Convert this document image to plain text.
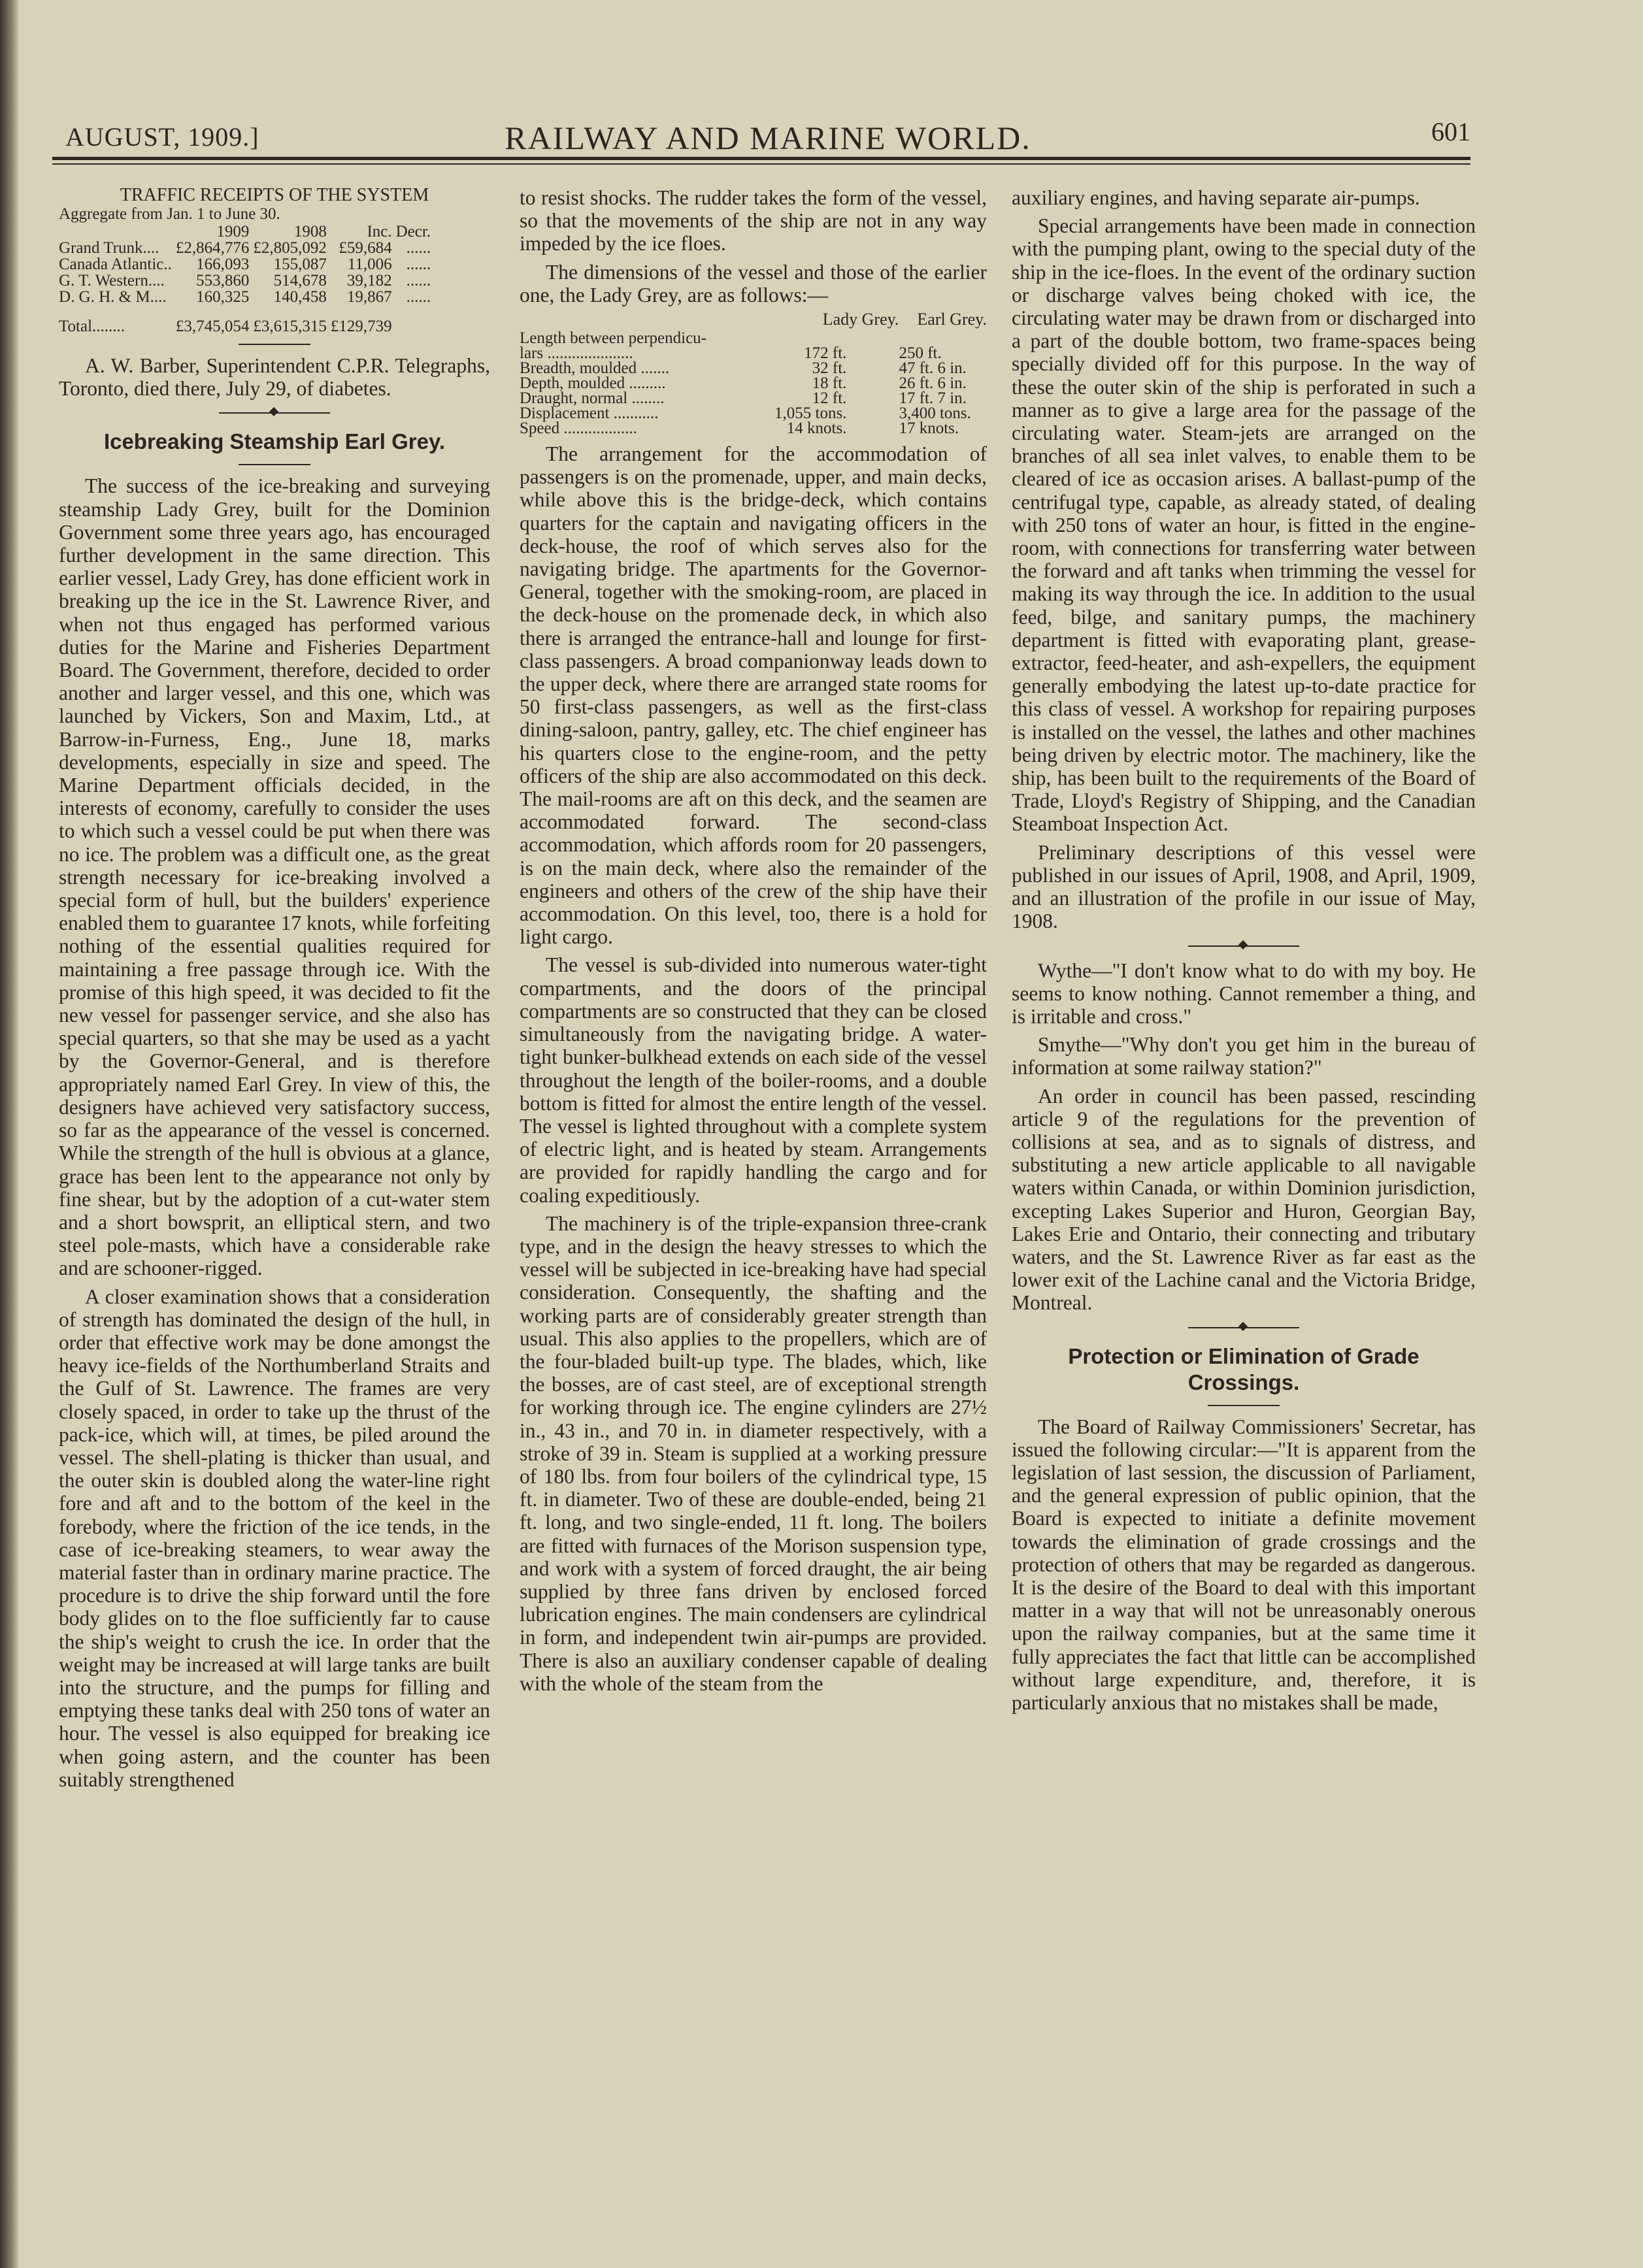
AUGUST, 1909.]	RAILWAY AND MARINE WORLD.	601
TRAFFIC RECEIPTS OF THE SYSTEM
Aggregate from Jan. 1 to June 30.
	1909	1908	Inc.	Decr.
Grand Trunk....	£2,864,776	£2,805,092	£59,684	......
Canada Atlantic..	166,093	155,087	11,006	......
G. T. Western....	553,860	514,678	39,182	......
D. G. H. & M....	160,325	140,458	19,867	......
Total........	£3,745,054	£3,615,315	£129,739	

A. W. Barber, Superintendent C.P.R. Telegraphs, Toronto, died there, July 29, of diabetes.

Icebreaking Steamship Earl Grey.

The success of the ice-breaking and surveying steamship Lady Grey, built for the Dominion Government some three years ago, has encouraged further development in the same direction. This earlier vessel, Lady Grey, has done efficient work in breaking up the ice in the St. Lawrence River, and when not thus engaged has performed various duties for the Marine and Fisheries Department Board. The Government, therefore, decided to order another and larger vessel, and this one, which was launched by Vickers, Son and Maxim, Ltd., at Barrow-in-Furness, Eng., June 18, marks developments, especially in size and speed. The Marine Department officials decided, in the interests of economy, carefully to consider the uses to which such a vessel could be put when there was no ice. The problem was a difficult one, as the great strength necessary for ice-breaking involved a special form of hull, but the builders' experience enabled them to guarantee 17 knots, while forfeiting nothing of the essential qualities required for maintaining a free passage through ice. With the promise of this high speed, it was decided to fit the new vessel for passenger service, and she also has special quarters, so that she may be used as a yacht by the Governor-General, and is therefore appropriately named Earl Grey. In view of this, the designers have achieved very satisfactory success, so far as the appearance of the vessel is concerned. While the strength of the hull is obvious at a glance, grace has been lent to the appearance not only by fine shear, but by the adoption of a cut-water stem and a short bowsprit, an elliptical stern, and two steel pole-masts, which have a considerable rake and are schooner-rigged.

A closer examination shows that a consideration of strength has dominated the design of the hull, in order that effective work may be done amongst the heavy ice-fields of the Northumberland Straits and the Gulf of St. Lawrence. The frames are very closely spaced, in order to take up the thrust of the pack-ice, which will, at times, be piled around the vessel. The shell-plating is thicker than usual, and the outer skin is doubled along the water-line right fore and aft and to the bottom of the keel in the forebody, where the friction of the ice tends, in the case of ice-breaking steamers, to wear away the material faster than in ordinary marine practice. The procedure is to drive the ship forward until the fore body glides on to the floe sufficiently far to cause the ship's weight to crush the ice. In order that the weight may be increased at will large tanks are built into the structure, and the pumps for filling and emptying these tanks deal with 250 tons of water an hour. The vessel is also equipped for breaking ice when going astern, and the counter has been suitably strengthened

to resist shocks. The rudder takes the form of the vessel, so that the movements of the ship are not in any way impeded by the ice floes.

The dimensions of the vessel and those of the earlier one, the Lady Grey, are as follows:—

	Lady Grey.	Earl Grey.
Length between perpendicu-		
lars .....................	172 ft.	250 ft.
Breadth, moulded .......	32 ft.	47 ft. 6 in.
Depth, moulded .........	18 ft.	26 ft. 6 in.
Draught, normal ........	12 ft.	17 ft. 7 in.
Displacement ...........	1,055 tons.	3,400 tons.
Speed ..................	14 knots.	17 knots.

The arrangement for the accommodation of passengers is on the promenade, upper, and main decks, while above this is the bridge-deck, which contains quarters for the captain and navigating officers in the deck-house, the roof of which serves also for the navigating bridge. The apartments for the Governor-General, together with the smoking-room, are placed in the deck-house on the promenade deck, in which also there is arranged the entrance-hall and lounge for first-class passengers. A broad companionway leads down to the upper deck, where there are arranged state rooms for 50 first-class passengers, as well as the first-class dining-saloon, pantry, galley, etc. The chief engineer has his quarters close to the engine-room, and the petty officers of the ship are also accommodated on this deck. The mail-rooms are aft on this deck, and the seamen are accommodated forward. The second-class accommodation, which affords room for 20 passengers, is on the main deck, where also the remainder of the engineers and others of the crew of the ship have their accommodation. On this level, too, there is a hold for light cargo.

The vessel is sub-divided into numerous water-tight compartments, and the doors of the principal compartments are so constructed that they can be closed simultaneously from the navigating bridge. A water-tight bunker-bulkhead extends on each side of the vessel throughout the length of the boiler-rooms, and a double bottom is fitted for almost the entire length of the vessel. The vessel is lighted throughout with a complete system of electric light, and is heated by steam. Arrangements are provided for rapidly handling the cargo and for coaling expeditiously.

The machinery is of the triple-expansion three-crank type, and in the design the heavy stresses to which the vessel will be subjected in ice-breaking have had special consideration. Consequently, the shafting and the working parts are of considerably greater strength than usual. This also applies to the propellers, which are of the four-bladed built-up type. The blades, which, like the bosses, are of cast steel, are of exceptional strength for working through ice. The engine cylinders are 27½ in., 43 in., and 70 in. in diameter respectively, with a stroke of 39 in. Steam is supplied at a working pressure of 180 lbs. from four boilers of the cylindrical type, 15 ft. in diameter. Two of these are double-ended, being 21 ft. long, and two single-ended, 11 ft. long. The boilers are fitted with furnaces of the Morison suspension type, and work with a system of forced draught, the air being supplied by three fans driven by enclosed forced lubrication engines. The main condensers are cylindrical in form, and independent twin air-pumps are provided. There is also an auxiliary condenser capable of dealing with the whole of the steam from the

auxiliary engines, and having separate air-pumps.

Special arrangements have been made in connection with the pumping plant, owing to the special duty of the ship in the ice-floes. In the event of the ordinary suction or discharge valves being choked with ice, the circulating water may be drawn from or discharged into a part of the double bottom, two frame-spaces being specially divided off for this purpose. In the way of these the outer skin of the ship is perforated in such a manner as to give a large area for the passage of the circulating water. Steam-jets are arranged on the branches of all sea inlet valves, to enable them to be cleared of ice as occasion arises. A ballast-pump of the centrifugal type, capable, as already stated, of dealing with 250 tons of water an hour, is fitted in the engine-room, with connections for transferring water between the forward and aft tanks when trimming the vessel for making its way through the ice. In addition to the usual feed, bilge, and sanitary pumps, the machinery department is fitted with evaporating plant, grease-extractor, feed-heater, and ash-expellers, the equipment generally embodying the latest up-to-date practice for this class of vessel. A workshop for repairing purposes is installed on the vessel, the lathes and other machines being driven by electric motor. The machinery, like the ship, has been built to the requirements of the Board of Trade, Lloyd's Registry of Shipping, and the Canadian Steamboat Inspection Act.

Preliminary descriptions of this vessel were published in our issues of April, 1908, and April, 1909, and an illustration of the profile in our issue of May, 1908.

Wythe—"I don't know what to do with my boy. He seems to know nothing. Cannot remember a thing, and is irritable and cross."

Smythe—"Why don't you get him in the bureau of information at some railway station?"

An order in council has been passed, rescinding article 9 of the regulations for the prevention of collisions at sea, and as to signals of distress, and substituting a new article applicable to all navigable waters within Canada, or within Dominion jurisdiction, excepting Lakes Superior and Huron, Georgian Bay, Lakes Erie and Ontario, their connecting and tributary waters, and the St. Lawrence River as far east as the lower exit of the Lachine canal and the Victoria Bridge, Montreal.

Protection or Elimination of Grade Crossings.

The Board of Railway Commissioners' Secretar, has issued the following circular:—"It is apparent from the legislation of last session, the discussion of Parliament, and the general expression of public opinion, that the Board is expected to initiate a definite movement towards the elimination of grade crossings and the protection of others that may be regarded as dangerous. It is the desire of the Board to deal with this important matter in a way that will not be unreasonably onerous upon the railway companies, but at the same time it fully appreciates the fact that little can be accomplished without large expenditure, and, therefore, it is particularly anxious that no mistakes shall be made,
